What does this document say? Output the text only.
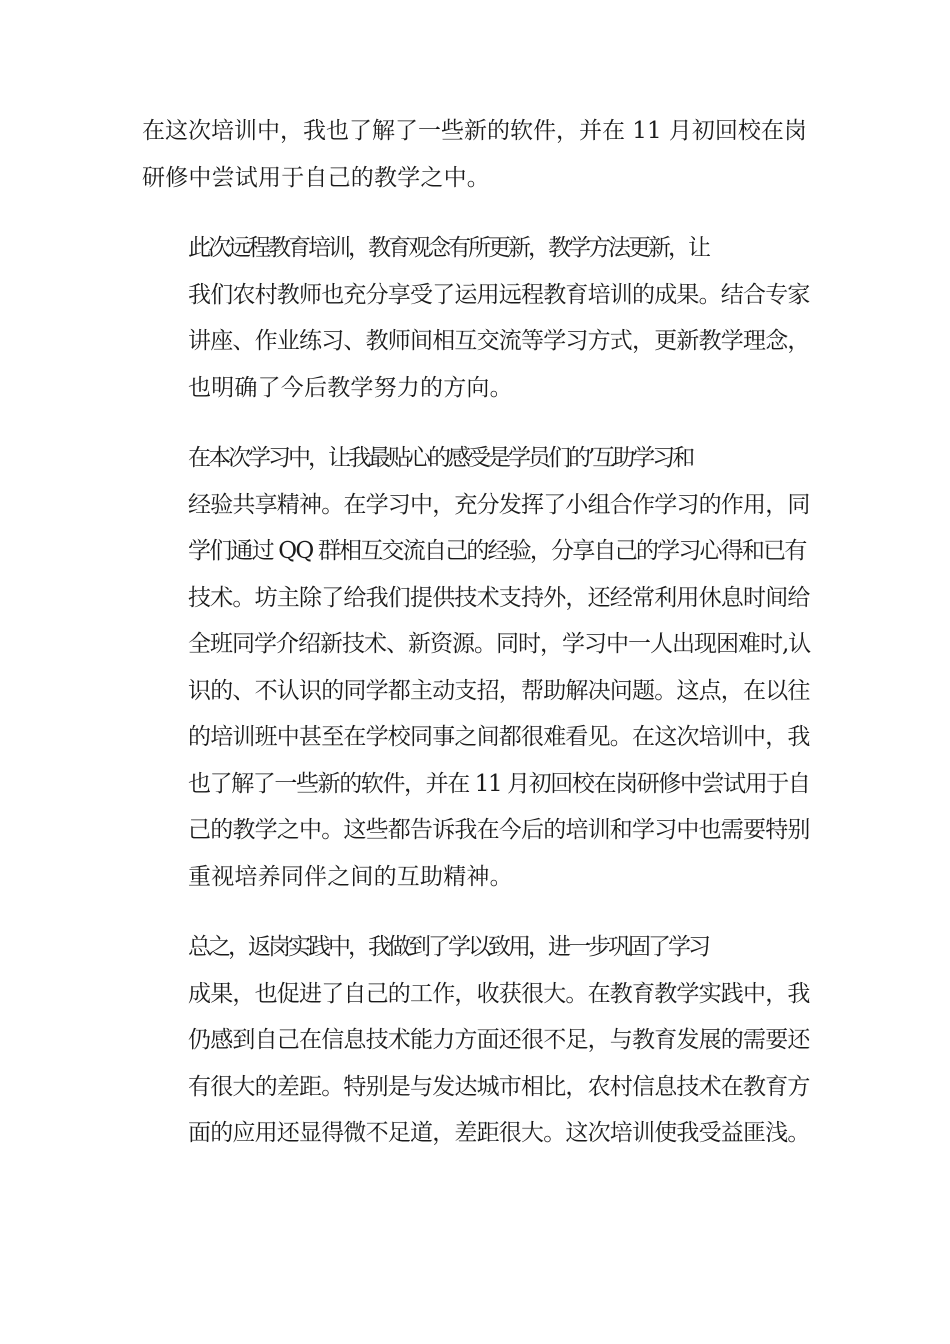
在这次培训中，我也了解了一些新的软件，并在 11 月初回校在岗
研修中尝试用于自己的教学之中。

此次远程教育培训，教育观念有所更新，教学方法更新，让
我们农村教师也充分享受了运用远程教育培训的成果。结合专家
讲座、作业练习、教师间相互交流等学习方式，更新教学理念，
也明确了今后教学努力的方向。

在本次学习中，让我最贴心的感受是学员们的’互助学习和
经验共享精神。在学习中，充分发挥了小组合作学习的作用，同
学们通过 QQ 群相互交流自己的经验，分享自己的学习心得和已有
技术。坊主除了给我们提供技术支持外，还经常利用休息时间给
全班同学介绍新技术、新资源。同时，学习中一人出现困难时,认
识的、不认识的同学都主动支招，帮助解决问题。这点，在以往
的培训班中甚至在学校同事之间都很难看见。在这次培训中，我
也了解了一些新的软件，并在 11 月初回校在岗研修中尝试用于自
己的教学之中。这些都告诉我在今后的培训和学习中也需要特别
重视培养同伴之间的互助精神。

总之，返岗实践中，我做到了学以致用，进一步巩固了学习
成果，也促进了自己的工作，收获很大。在教育教学实践中，我
仍感到自己在信息技术能力方面还很不足，与教育发展的需要还
有很大的差距。特别是与发达城市相比，农村信息技术在教育方
面的应用还显得微不足道，差距很大。这次培训使我受益匪浅。
